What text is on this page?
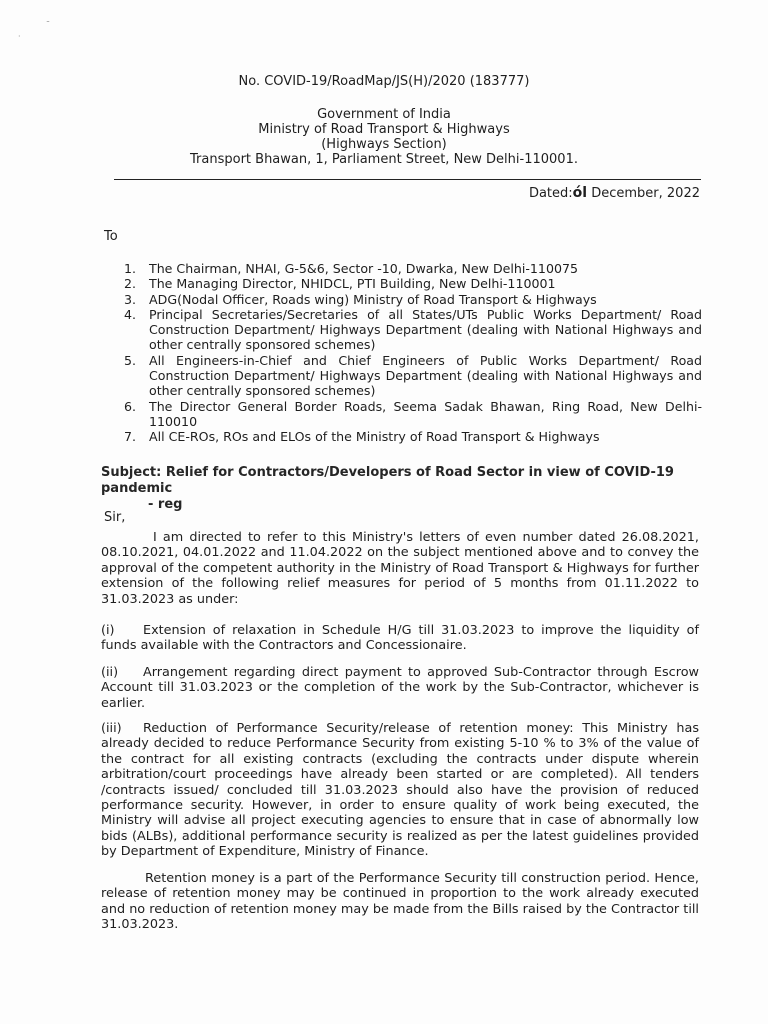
·
˜
No. COVID-19/RoadMap/JS(H)/2020 (183777)
Government of India
Ministry of Road Transport & Highways
(Highways Section)
Transport Bhawan, 1, Parliament Street, New Delhi-110001.
Dated:ól December, 2022
To
1.	The Chairman, NHAI, G-5&6, Sector -10, Dwarka, New Delhi-110075
2.	The Managing Director, NHIDCL, PTI Building, New Delhi-110001
3.	ADG(Nodal Officer, Roads wing) Ministry of Road Transport & Highways
4.	Principal Secretaries/Secretaries of all States/UTs Public Works Department/ Road Construction Department/ Highways Department (dealing with National Highways and other centrally sponsored schemes)
5.	All Engineers-in-Chief and Chief Engineers of Public Works Department/ Road Construction Department/ Highways Department (dealing with National Highways and other centrally sponsored schemes)
6.	The Director General Border Roads, Seema Sadak Bhawan, Ring Road, New Delhi-110010
7.	All CE-ROs, ROs and ELOs of the Ministry of Road Transport & Highways
Subject: Relief for Contractors/Developers of Road Sector in view of COVID-19 pandemic
- reg
Sir,
I am directed to refer to this Ministry's letters of even number dated 26.08.2021, 08.10.2021, 04.01.2022 and 11.04.2022 on the subject mentioned above and to convey the approval of the competent authority in the Ministry of Road Transport & Highways for further extension of the following relief measures for period of 5 months from 01.11.2022 to 31.03.2023 as under:
(i) Extension of relaxation in Schedule H/G till 31.03.2023 to improve the liquidity of funds available with the Contractors and Concessionaire.
(ii) Arrangement regarding direct payment to approved Sub-Contractor through Escrow Account till 31.03.2023 or the completion of the work by the Sub-Contractor, whichever is earlier.
(iii) Reduction of Performance Security/release of retention money: This Ministry has already decided to reduce Performance Security from existing 5-10 % to 3% of the value of the contract for all existing contracts (excluding the contracts under dispute wherein arbitration/court proceedings have already been started or are completed). All tenders /contracts issued/ concluded till 31.03.2023 should also have the provision of reduced performance security. However, in order to ensure quality of work being executed, the Ministry will advise all project executing agencies to ensure that in case of abnormally low bids (ALBs), additional performance security is realized as per the latest guidelines provided by Department of Expenditure, Ministry of Finance.
Retention money is a part of the Performance Security till construction period. Hence, release of retention money may be continued in proportion to the work already executed and no reduction of retention money may be made from the Bills raised by the Contractor till 31.03.2023.
